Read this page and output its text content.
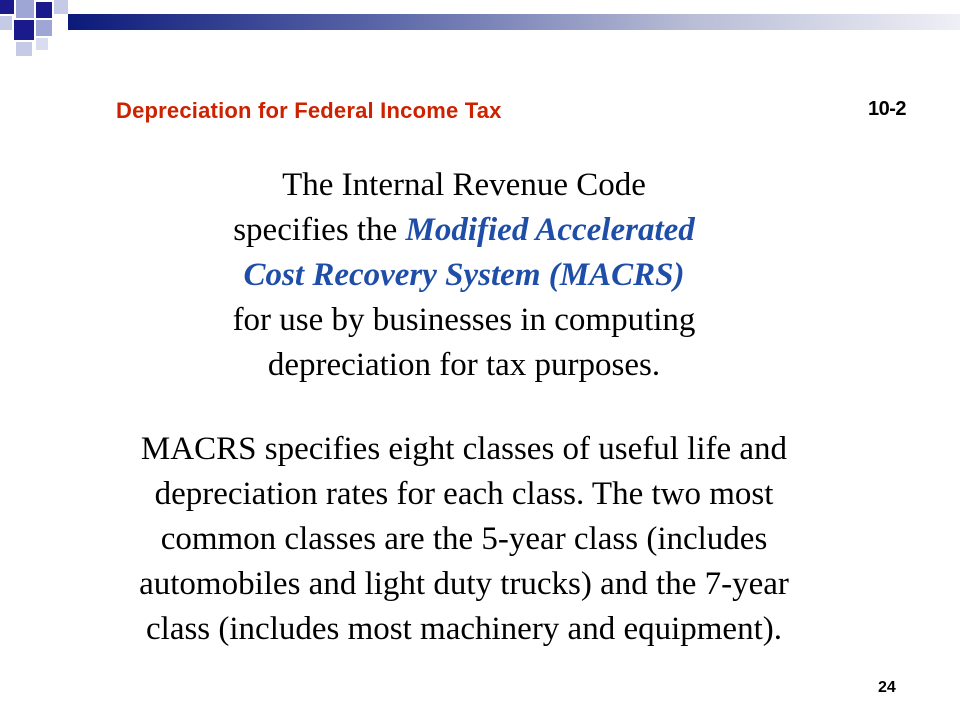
Depreciation for Federal Income Tax	10-2
The Internal Revenue Code
specifies the Modified Accelerated
Cost Recovery System (MACRS)
for use by businesses in computing
depreciation for tax purposes.
MACRS specifies eight classes of useful life and
depreciation rates for each class. The two most
common classes are the 5-year class (includes
automobiles and light duty trucks) and the 7-year
class (includes most machinery and equipment).
24
